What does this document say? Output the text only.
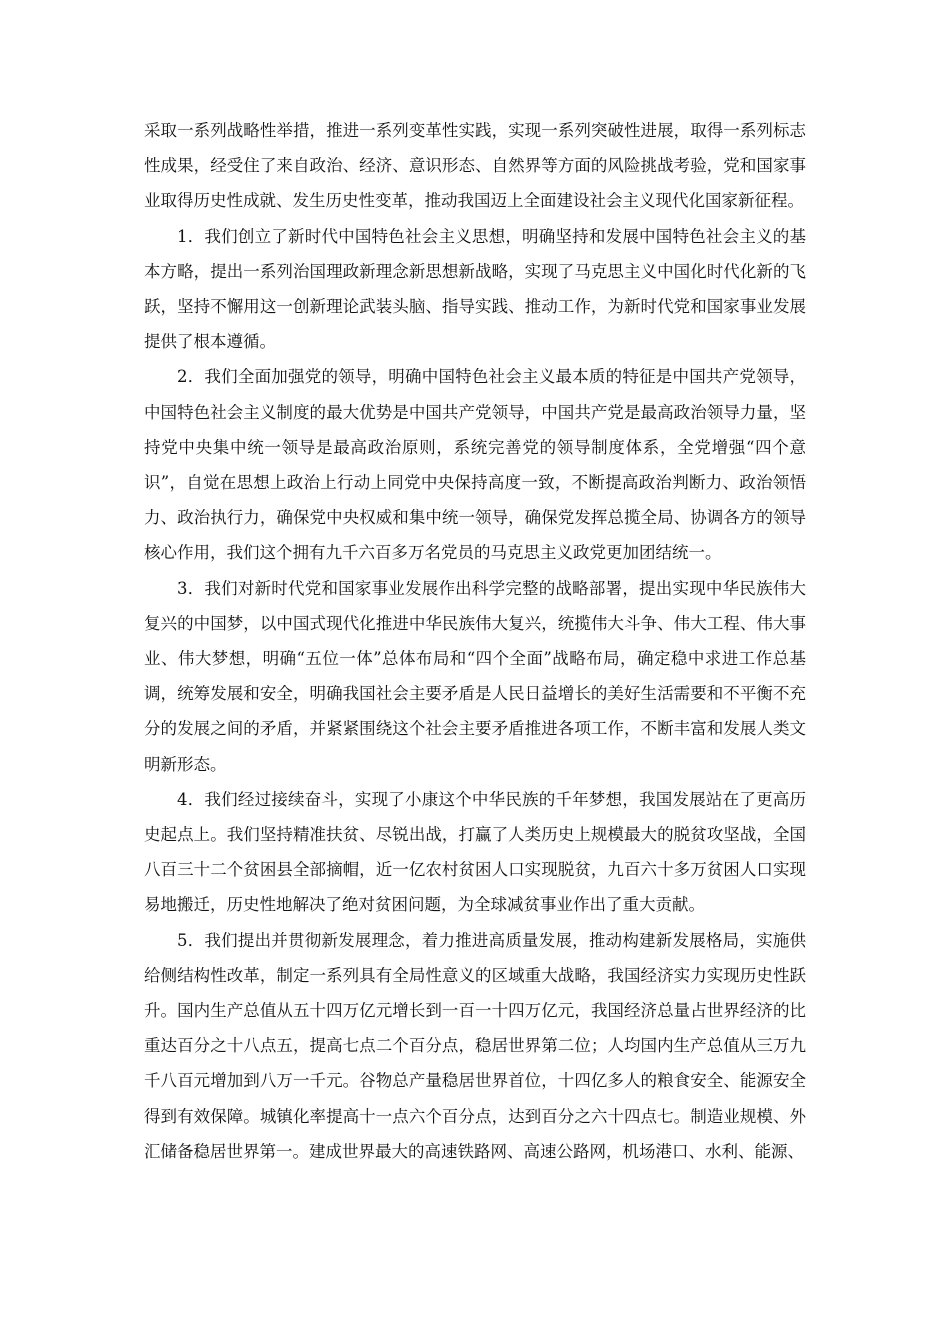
采取一系列战略性举措，推进一系列变革性实践，实现一系列突破性进展，取得一系列标志性成果，经受住了来自政治、经济、意识形态、自然界等方面的风险挑战考验，党和国家事业取得历史性成就、发生历史性变革，推动我国迈上全面建设社会主义现代化国家新征程。

1．我们创立了新时代中国特色社会主义思想，明确坚持和发展中国特色社会主义的基本方略，提出一系列治国理政新理念新思想新战略，实现了马克思主义中国化时代化新的飞跃，坚持不懈用这一创新理论武装头脑、指导实践、推动工作，为新时代党和国家事业发展提供了根本遵循。

2．我们全面加强党的领导，明确中国特色社会主义最本质的特征是中国共产党领导，中国特色社会主义制度的最大优势是中国共产党领导，中国共产党是最高政治领导力量，坚持党中央集中统一领导是最高政治原则，系统完善党的领导制度体系，全党增强“四个意识”，自觉在思想上政治上行动上同党中央保持高度一致，不断提高政治判断力、政治领悟力、政治执行力，确保党中央权威和集中统一领导，确保党发挥总揽全局、协调各方的领导核心作用，我们这个拥有九千六百多万名党员的马克思主义政党更加团结统一。

3．我们对新时代党和国家事业发展作出科学完整的战略部署，提出实现中华民族伟大复兴的中国梦，以中国式现代化推进中华民族伟大复兴，统揽伟大斗争、伟大工程、伟大事业、伟大梦想，明确“五位一体”总体布局和“四个全面”战略布局，确定稳中求进工作总基调，统筹发展和安全，明确我国社会主要矛盾是人民日益增长的美好生活需要和不平衡不充分的发展之间的矛盾，并紧紧围绕这个社会主要矛盾推进各项工作，不断丰富和发展人类文明新形态。

4．我们经过接续奋斗，实现了小康这个中华民族的千年梦想，我国发展站在了更高历史起点上。我们坚持精准扶贫、尽锐出战，打赢了人类历史上规模最大的脱贫攻坚战，全国八百三十二个贫困县全部摘帽，近一亿农村贫困人口实现脱贫，九百六十多万贫困人口实现易地搬迁，历史性地解决了绝对贫困问题，为全球减贫事业作出了重大贡献。

5．我们提出并贯彻新发展理念，着力推进高质量发展，推动构建新发展格局，实施供给侧结构性改革，制定一系列具有全局性意义的区域重大战略，我国经济实力实现历史性跃升。国内生产总值从五十四万亿元增长到一百一十四万亿元，我国经济总量占世界经济的比重达百分之十八点五，提高七点二个百分点，稳居世界第二位；人均国内生产总值从三万九千八百元增加到八万一千元。谷物总产量稳居世界首位，十四亿多人的粮食安全、能源安全得到有效保障。城镇化率提高十一点六个百分点，达到百分之六十四点七。制造业规模、外汇储备稳居世界第一。建成世界最大的高速铁路网、高速公路网，机场港口、水利、能源、
